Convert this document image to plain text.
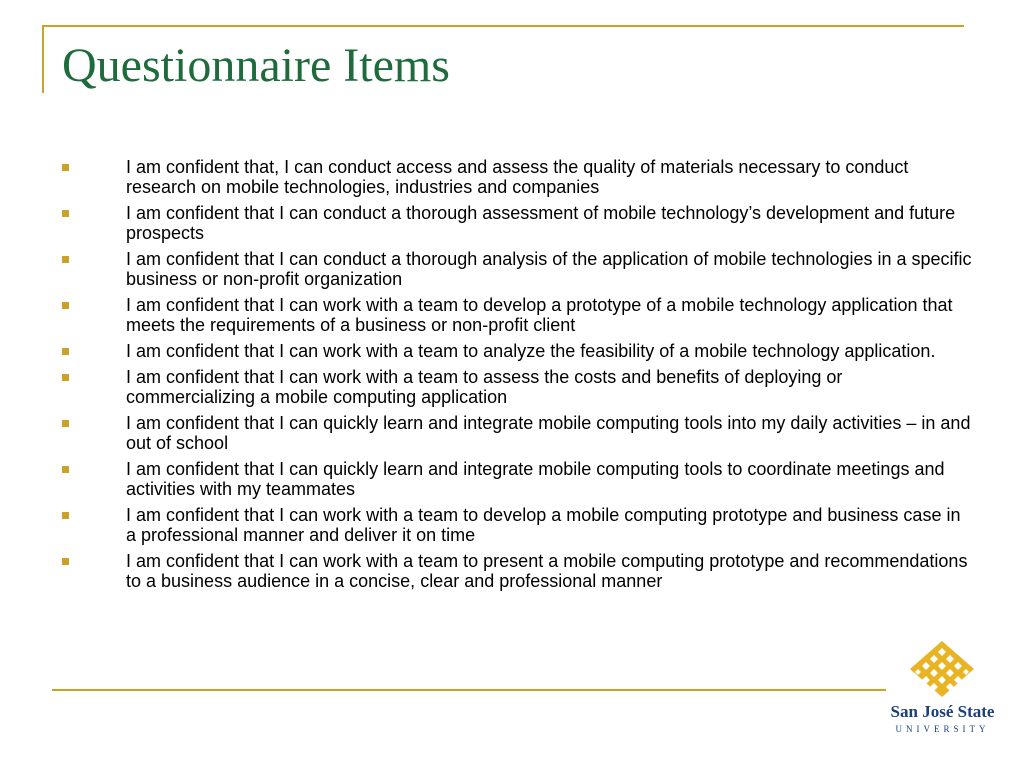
Questionnaire Items
I am confident that, I can conduct access and assess the quality of materials necessary to conduct research on mobile technologies, industries and companies
I am confident that I can conduct a thorough assessment of mobile technology’s development and future prospects
I am confident that I can conduct a thorough analysis of the application of mobile technologies in a specific business or non-profit organization
I am confident that I can work with a team to develop a prototype of a mobile technology application that meets the requirements of a business or non-profit client
I am confident that I can work with a team to analyze the feasibility of a mobile technology application.
I am confident that I can work with a team to assess the costs and benefits of deploying or commercializing a mobile computing application
I am confident that I can quickly learn and integrate mobile computing tools into my daily activities – in and out of school
I am confident that I can quickly learn and integrate mobile computing tools to coordinate meetings and activities with my teammates
I am confident that I can work with a team to develop a mobile computing prototype and business case in a professional manner and deliver it on time
I am confident that I can work with a team to present a mobile computing prototype and recommendations to a business audience in a concise, clear and professional manner
San José State
UNIVERSITY
